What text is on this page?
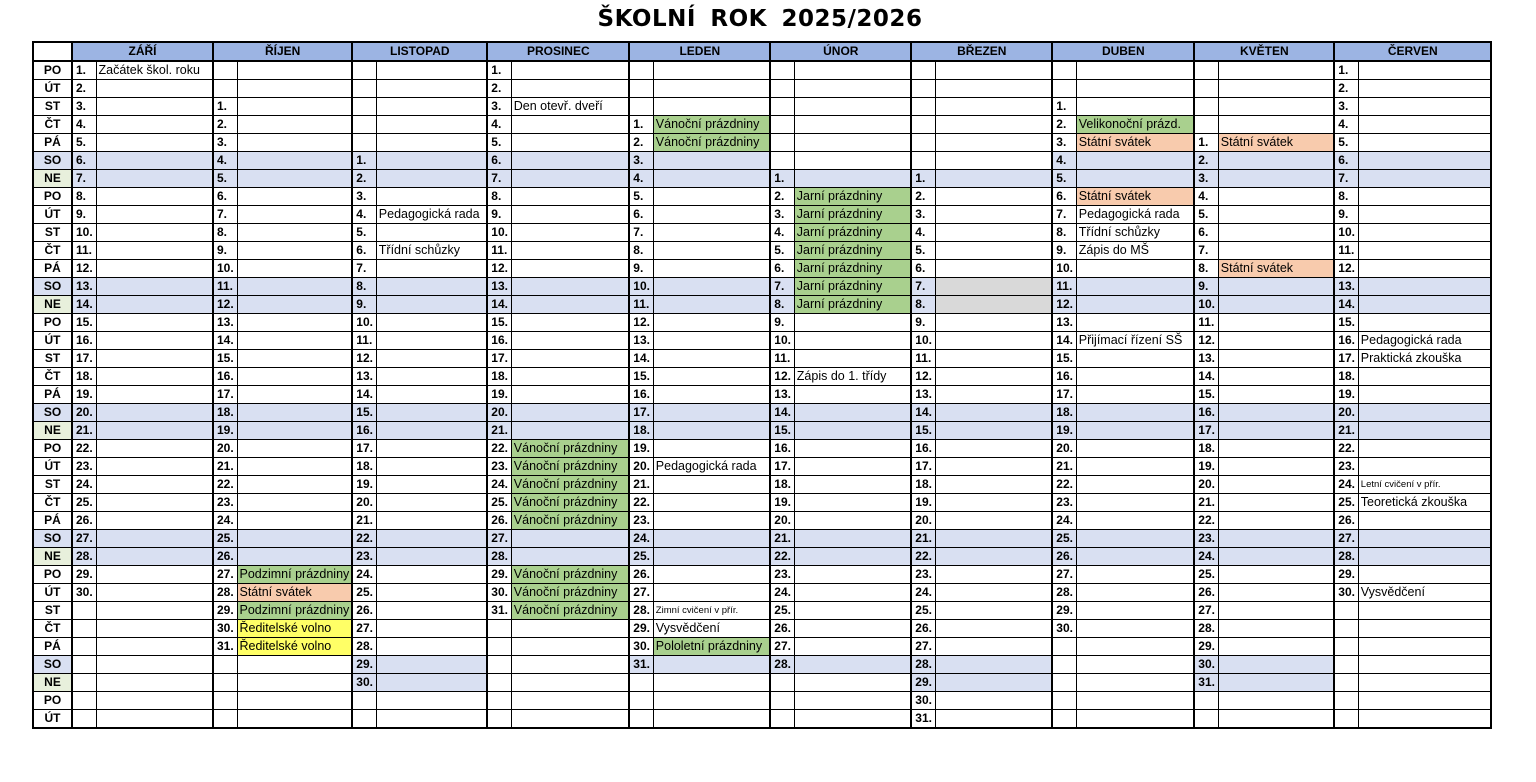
ŠKOLNÍ ROK 2025/2026
	ZÁŘÍ		ŘÍJEN		LISTOPAD		PROSINEC		LEDEN		ÚNOR		BŘEZEN		DUBEN		KVĚTEN		ČERVEN	
PO	1.	Začátek škol. roku					1.												1.	
ÚT	2.						2.												2.	
ST	3.		1.				3.	Den otevř. dveří							1.				3.	
ČT	4.		2.				4.		1.	Vánoční prázdniny					2.	Velikonoční prázd.			4.	
PÁ	5.		3.				5.		2.	Vánoční prázdniny					3.	Státní svátek	1.	Státní svátek	5.	
SO	6.		4.		1.		6.		3.						4.		2.		6.	
NE	7.		5.		2.		7.		4.		1.		1.		5.		3.		7.	
PO	8.		6.		3.		8.		5.		2.	Jarní prázdniny	2.		6.	Státní svátek	4.		8.	
ÚT	9.		7.		4.	Pedagogická rada	9.		6.		3.	Jarní prázdniny	3.		7.	Pedagogická rada	5.		9.	
ST	10.		8.		5.		10.		7.		4.	Jarní prázdniny	4.		8.	Třídní schůzky	6.		10.	
ČT	11.		9.		6.	Třídní schůzky	11.		8.		5.	Jarní prázdniny	5.		9.	Zápis do MŠ	7.		11.	
PÁ	12.		10.		7.		12.		9.		6.	Jarní prázdniny	6.		10.		8.	Státní svátek	12.	
SO	13.		11.		8.		13.		10.		7.	Jarní prázdniny	7.		11.		9.		13.	
NE	14.		12.		9.		14.		11.		8.	Jarní prázdniny	8.		12.		10.		14.	
PO	15.		13.		10.		15.		12.		9.		9.		13.		11.		15.	
ÚT	16.		14.		11.		16.		13.		10.		10.		14.	Přijímací řízení SŠ	12.		16.	Pedagogická rada
ST	17.		15.		12.		17.		14.		11.		11.		15.		13.		17.	Praktická zkouška
ČT	18.		16.		13.		18.		15.		12.	Zápis do 1. třídy	12.		16.		14.		18.	
PÁ	19.		17.		14.		19.		16.		13.		13.		17.		15.		19.	
SO	20.		18.		15.		20.		17.		14.		14.		18.		16.		20.	
NE	21.		19.		16.		21.		18.		15.		15.		19.		17.		21.	
PO	22.		20.		17.		22.	Vánoční prázdniny	19.		16.		16.		20.		18.		22.	
ÚT	23.		21.		18.		23.	Vánoční prázdniny	20.	Pedagogická rada	17.		17.		21.		19.		23.	
ST	24.		22.		19.		24.	Vánoční prázdniny	21.		18.		18.		22.		20.		24.	Letní cvičení v přír.
ČT	25.		23.		20.		25.	Vánoční prázdniny	22.		19.		19.		23.		21.		25.	Teoretická zkouška
PÁ	26.		24.		21.		26.	Vánoční prázdniny	23.		20.		20.		24.		22.		26.	
SO	27.		25.		22.		27.		24.		21.		21.		25.		23.		27.	
NE	28.		26.		23.		28.		25.		22.		22.		26.		24.		28.	
PO	29.		27.	Podzimní prázdniny	24.		29.	Vánoční prázdniny	26.		23.		23.		27.		25.		29.	
ÚT	30.		28.	Státní svátek	25.		30.	Vánoční prázdniny	27.		24.		24.		28.		26.		30.	Vysvědčení
ST			29.	Podzimní prázdniny	26.		31.	Vánoční prázdniny	28.	Zimní cvičení v přír.	25.		25.		29.		27.			
ČT			30.	Ředitelské volno	27.				29.	Vysvědčení	26.		26.		30.		28.			
PÁ			31.	Ředitelské volno	28.				30.	Pololetní prázdniny	27.		27.				29.			
SO					29.				31.		28.		28.				30.			
NE					30.								29.				31.			
PO													30.							
ÚT													31.							
